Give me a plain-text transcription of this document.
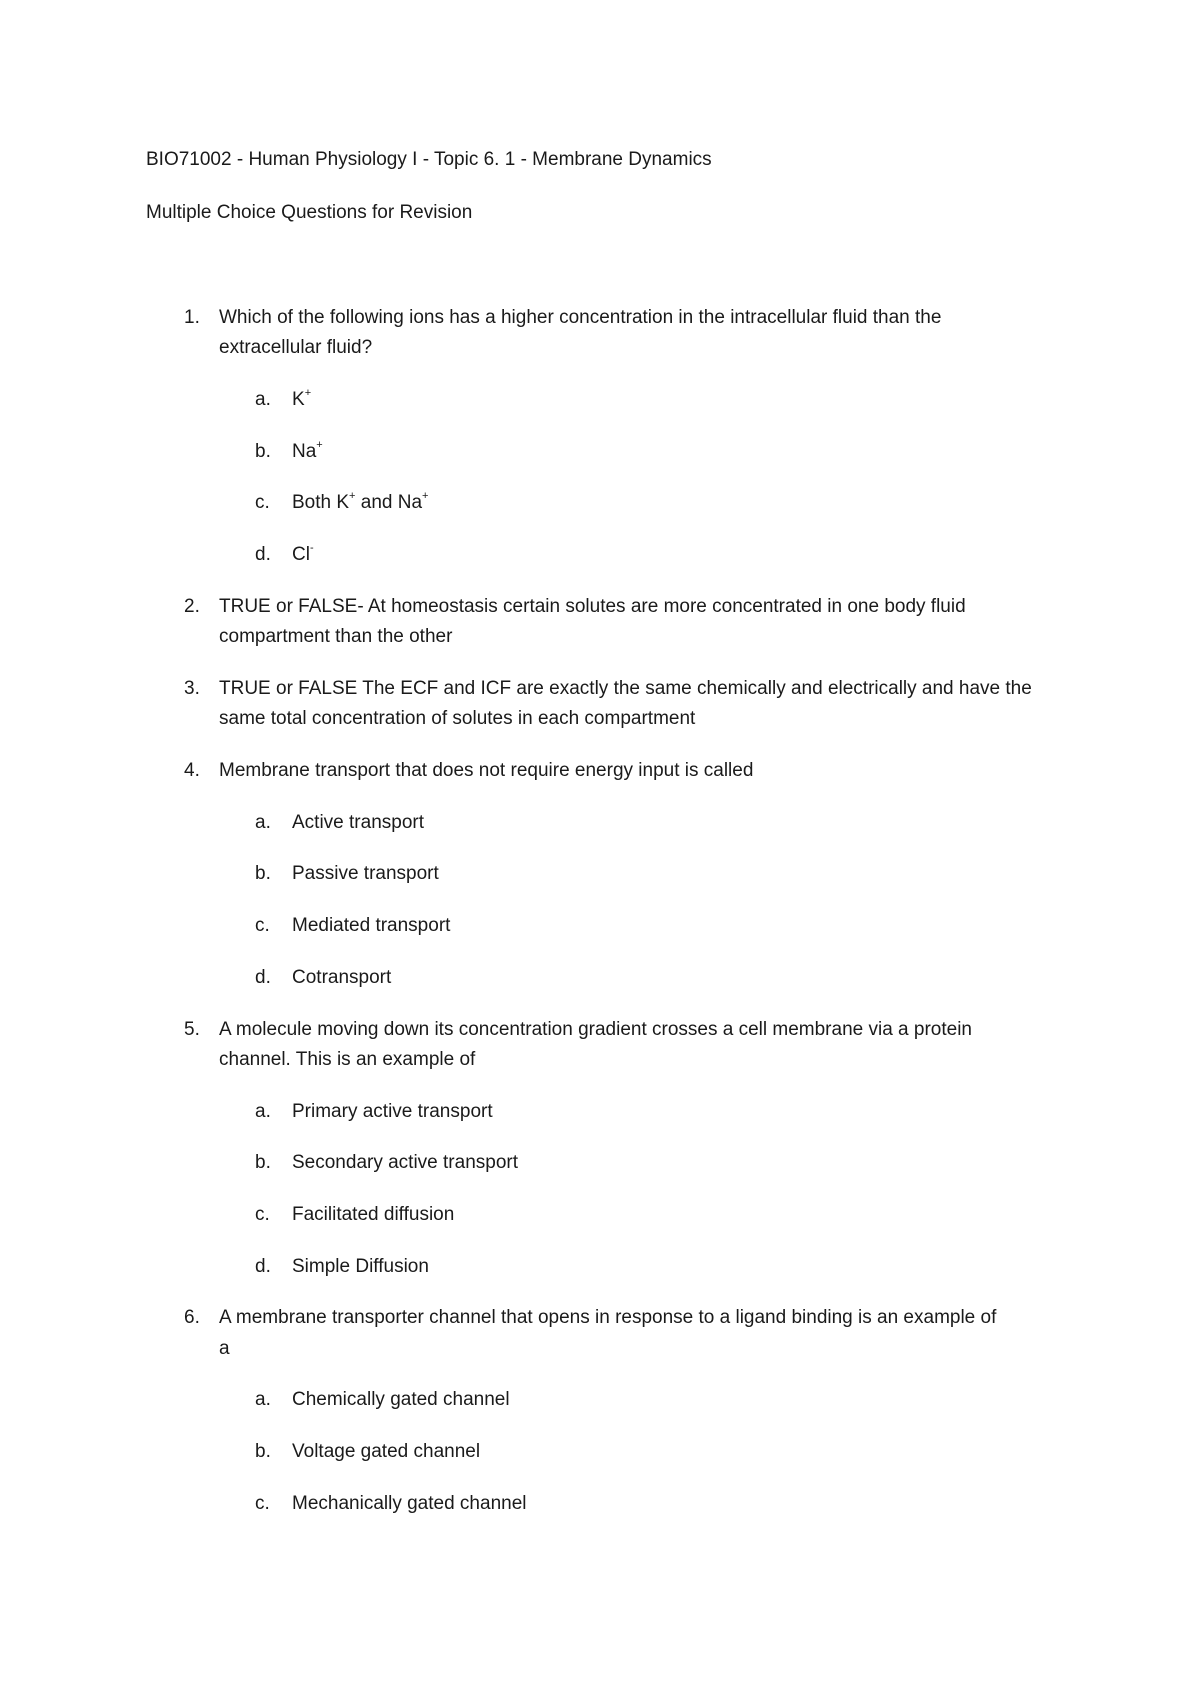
BIO71002 - Human Physiology I - Topic 6. 1 - Membrane Dynamics
Multiple Choice Questions for Revision
1. Which of the following ions has a higher concentration in the intracellular fluid than the
extracellular fluid?
a. K+
b. Na+
c. Both K+ and Na+
d. Cl-
2. TRUE or FALSE- At homeostasis certain solutes are more concentrated in one body fluid
compartment than the other
3. TRUE or FALSE The ECF and ICF are exactly the same chemically and electrically and have the
same total concentration of solutes in each compartment
4. Membrane transport that does not require energy input is called
a. Active transport
b. Passive transport
c. Mediated transport
d. Cotransport
5. A molecule moving down its concentration gradient crosses a cell membrane via a protein
channel. This is an example of
a. Primary active transport
b. Secondary active transport
c. Facilitated diffusion
d. Simple Diffusion
6. A membrane transporter channel that opens in response to a ligand binding is an example of
a
a. Chemically gated channel
b. Voltage gated channel
c. Mechanically gated channel
